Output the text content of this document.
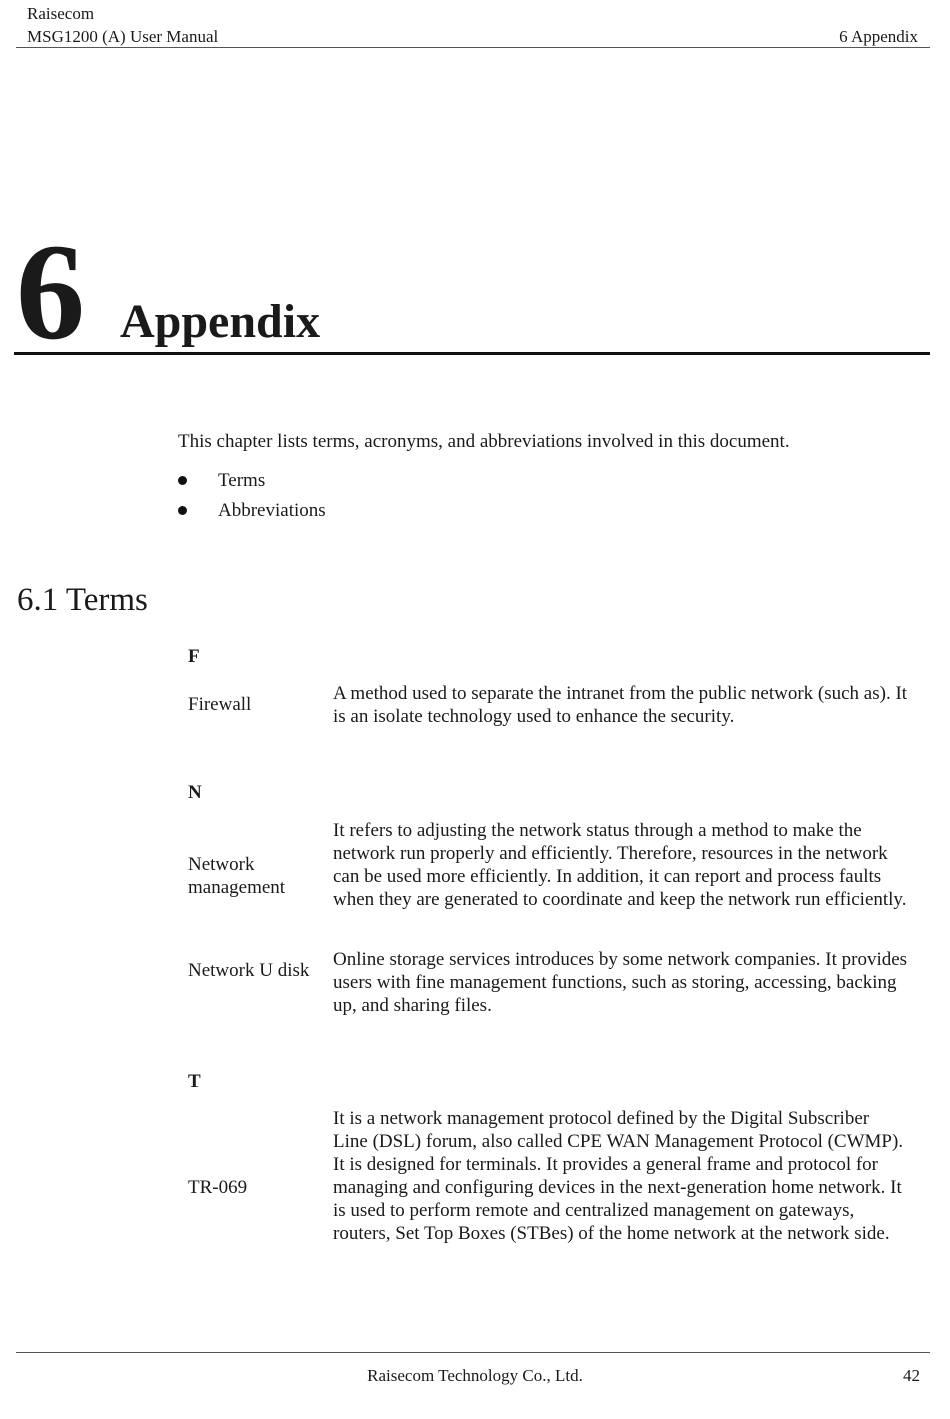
Raisecom
MSG1200 (A) User Manual	6 Appendix
6 Appendix
This chapter lists terms, acronyms, and abbreviations involved in this document.
Terms
Abbreviations
6.1 Terms
F
Firewall
A method used to separate the intranet from the public network (such as). It is an isolate technology used to enhance the security.
N
Network management
It refers to adjusting the network status through a method to make the network run properly and efficiently. Therefore, resources in the network can be used more efficiently. In addition, it can report and process faults when they are generated to coordinate and keep the network run efficiently.
Network U disk
Online storage services introduces by some network companies. It provides users with fine management functions, such as storing, accessing, backing up, and sharing files.
T
TR-069
It is a network management protocol defined by the Digital Subscriber Line (DSL) forum, also called CPE WAN Management Protocol (CWMP). It is designed for terminals. It provides a general frame and protocol for managing and configuring devices in the next-generation home network. It is used to perform remote and centralized management on gateways, routers, Set Top Boxes (STBes) of the home network at the network side.
Raisecom Technology Co., Ltd.	42
